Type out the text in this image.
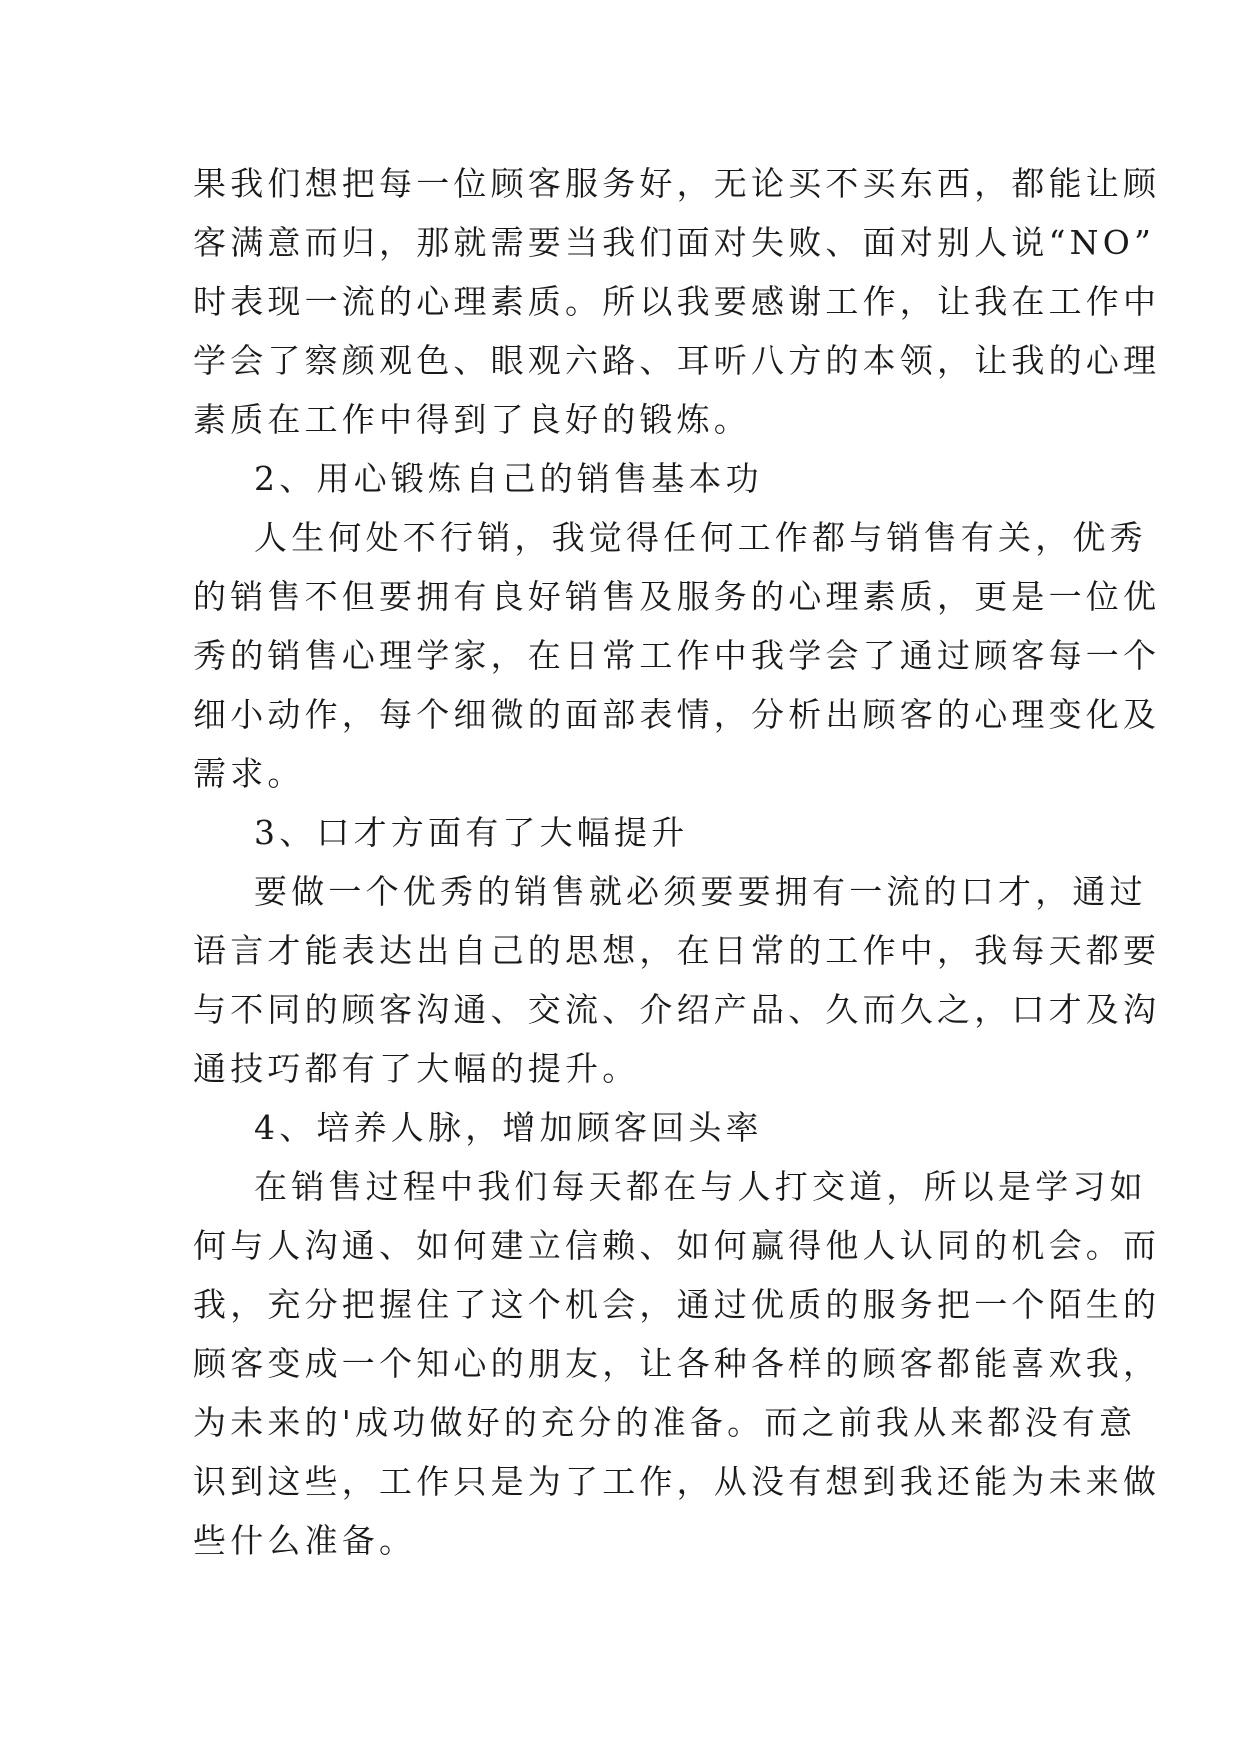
果我们想把每一位顾客服务好，无论买不买东西，都能让顾
客满意而归，那就需要当我们面对失败、面对别人说“NO”
时表现一流的心理素质。所以我要感谢工作，让我在工作中
学会了察颜观色、眼观六路、耳听八方的本领，让我的心理
素质在工作中得到了良好的锻炼。
2、用心锻炼自己的销售基本功
人生何处不行销，我觉得任何工作都与销售有关，优秀
的销售不但要拥有良好销售及服务的心理素质，更是一位优
秀的销售心理学家，在日常工作中我学会了通过顾客每一个
细小动作，每个细微的面部表情，分析出顾客的心理变化及
需求。
3、口才方面有了大幅提升
要做一个优秀的销售就必须要要拥有一流的口才，通过
语言才能表达出自己的思想，在日常的工作中，我每天都要
与不同的顾客沟通、交流、介绍产品、久而久之，口才及沟
通技巧都有了大幅的提升。
4、培养人脉，增加顾客回头率
在销售过程中我们每天都在与人打交道，所以是学习如
何与人沟通、如何建立信赖、如何赢得他人认同的机会。而
我，充分把握住了这个机会，通过优质的服务把一个陌生的
顾客变成一个知心的朋友，让各种各样的顾客都能喜欢我，
为未来的'成功做好的充分的准备。而之前我从来都没有意
识到这些，工作只是为了工作，从没有想到我还能为未来做
些什么准备。
